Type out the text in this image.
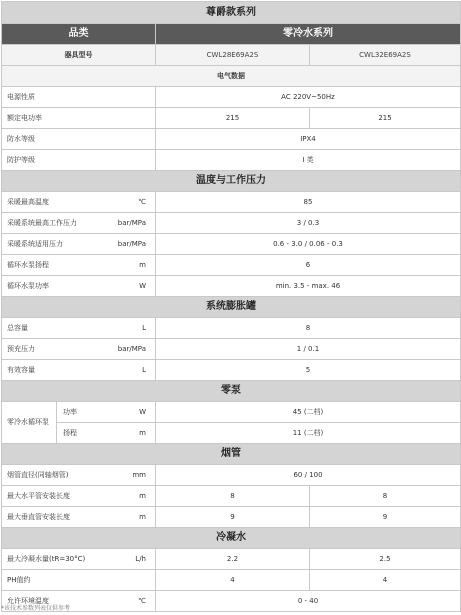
尊爵款系列			
品类		零冷水系列	
器具型号		CWL28E69A2S	CWL32E69A2S
电气数据			
电源性质		AC 220V~50Hz	
额定电功率		215	215
防水等级		IPX4	
防护等级		I 类	
温度与工作压力			

采暖最高温度 ℃		85	

采暖系统最高工作压力 bar/MPa		3 / 0.3	

采暖系统适用压力 bar/MPa		0.6 - 3.0 / 0.06 - 0.3	

循环水泵扬程 m		6	

循环水泵功率 W		min. 3.5 - max. 46	
系统膨胀罐			

总容量 L		8	

预充压力 bar/MPa		1 / 0.1	

有效容量 L		5	
零泵			
零冷水循环泵	功率 W	45 (二档)	

	扬程 m	11 (二档)	
烟管			

烟管直径(同轴烟管) mm		60 / 100	

最大水平管安装长度 m		8	8

最大垂直管安装长度 m		9	9
冷凝水			

最大冷凝水量(tR=30°C) L/h		2.2	2.5
PH值约		4	4

允许环境温度 ℃		0 - 40	
*该技术参数列表仅供参考
